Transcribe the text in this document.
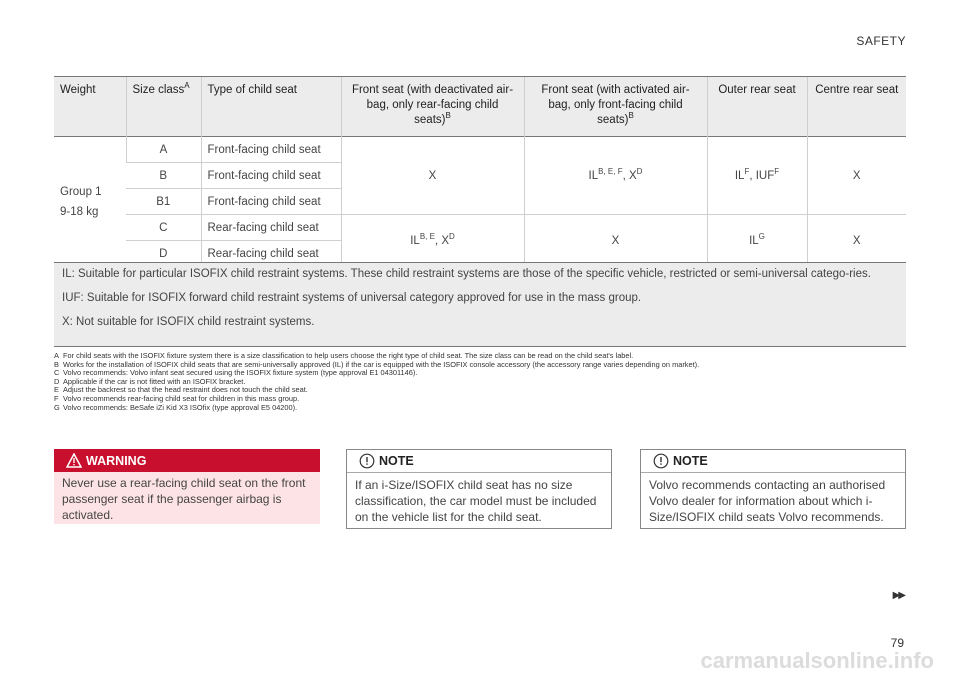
SAFETY
Weight	Size class$^A$	Type of child seat	Front seat (with deactivated air-bag, only rear-facing child seats)$^B$	Front seat (with activated air-bag, only front-facing child seats)$^B$	Outer rear seat	Centre rear seat

Group 1
9-18 kg	A	Front-facing child seat	X	$IL^{B, E, F}$, $X^D$	$IL^F$, $IUF^F$	X
	B	Front-facing child seat				
	B1	Front-facing child seat				
	C	Rear-facing child seat	$IL^{B, E}$, $X^D$	X	$IL^G$	X
	D	Rear-facing child seat				

IL: Suitable for particular ISOFIX child restraint systems. These child restraint systems are those of the specific vehicle, restricted or semi-universal catego-ries.

IUF: Suitable for ISOFIX forward child restraint systems of universal category approved for use in the mass group.

X: Not suitable for ISOFIX child restraint systems.

A For child seats with the ISOFIX fixture system there is a size classification to help users choose the right type of child seat. The size class can be read on the child seat's label.
B Works for the installation of ISOFIX child seats that are semi-universally approved (IL) if the car is equipped with the ISOFIX console accessory (the accessory range varies depending on market).
C Volvo recommends: Volvo infant seat secured using the ISOFIX fixture system (type approval E1 04301146).
D Applicable if the car is not fitted with an ISOFIX bracket.
E Adjust the backrest so that the head restraint does not touch the child seat.
F Volvo recommends rear-facing child seat for children in this mass group.
G Volvo recommends: BeSafe iZi Kid X3 ISOfix (type approval E5 04200).
WARNING
Never use a rear-facing child seat on the front passenger seat if the passenger airbag is activated.
NOTE
If an i-Size/ISOFIX child seat has no size classification, the car model must be included on the vehicle list for the child seat.
NOTE
Volvo recommends contacting an authorised Volvo dealer for information about which i-Size/ISOFIX child seats Volvo recommends.
▶▶
79
carmanualsonline.info
